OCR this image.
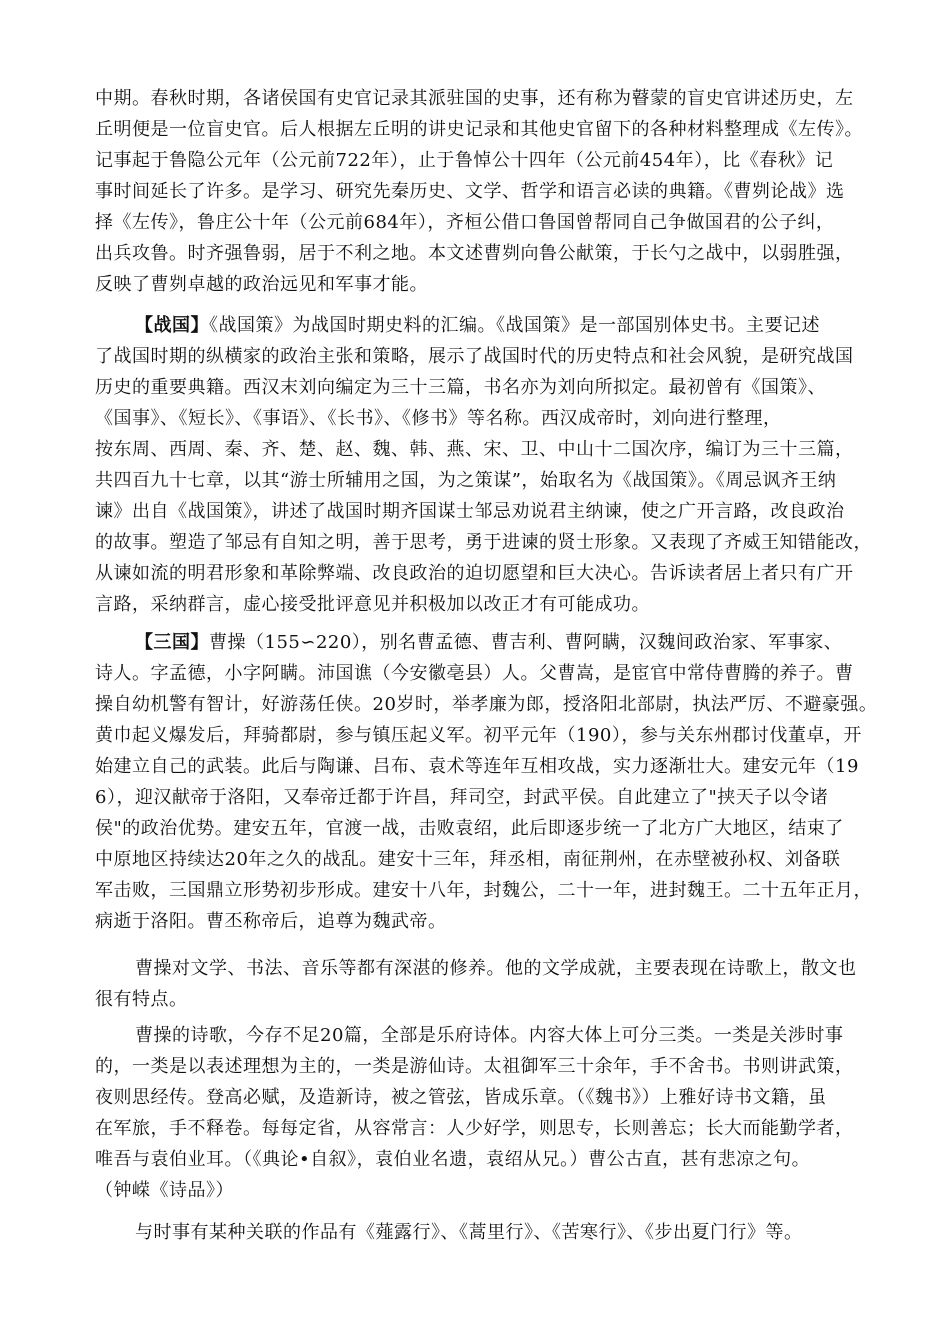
中期。春秋时期，各诸侯国有史官记录其派驻国的史事，还有称为瞽蒙的盲史官讲述历史，左
丘明便是一位盲史官。后人根据左丘明的讲史记录和其他史官留下的各种材料整理成《左传》。
记事起于鲁隐公元年（公元前722年），止于鲁悼公十四年（公元前454年），比《春秋》记
事时间延长了许多。是学习、研究先秦历史、文学、哲学和语言必读的典籍。《曹刿论战》选
择《左传》，鲁庄公十年（公元前684年），齐桓公借口鲁国曾帮同自己争做国君的公子纠，
出兵攻鲁。时齐强鲁弱，居于不利之地。本文述曹刿向鲁公献策，于长勺之战中，以弱胜强，
反映了曹刿卓越的政治远见和军事才能。
【战国】《战国策》为战国时期史料的汇编。《战国策》是一部国别体史书。主要记述
了战国时期的纵横家的政治主张和策略，展示了战国时代的历史特点和社会风貌，是研究战国
历史的重要典籍。西汉末刘向编定为三十三篇，书名亦为刘向所拟定。最初曾有《国策》、
《国事》、《短长》、《事语》、《长书》、《修书》等名称。西汉成帝时，刘向进行整理，
按东周、西周、秦、齐、楚、赵、魏、韩、燕、宋、卫、中山十二国次序，编订为三十三篇，
共四百九十七章，以其“游士所辅用之国，为之策谋”，始取名为《战国策》。《周忌讽齐王纳
谏》出自《战国策》，讲述了战国时期齐国谋士邹忌劝说君主纳谏，使之广开言路，改良政治
的故事。塑造了邹忌有自知之明，善于思考，勇于进谏的贤士形象。又表现了齐威王知错能改，
从谏如流的明君形象和革除弊端、改良政治的迫切愿望和巨大决心。告诉读者居上者只有广开
言路，采纳群言，虚心接受批评意见并积极加以改正才有可能成功。
【三国】曹操（155∽220），别名曹孟德、曹吉利、曹阿瞒，汉魏间政治家、军事家、
诗人。字孟德，小字阿瞒。沛国谯（今安徽亳县）人。父曹嵩，是宦官中常侍曹腾的养子。曹
操自幼机警有智计，好游荡任侠。20岁时，举孝廉为郎，授洛阳北部尉，执法严厉、不避豪强。
黄巾起义爆发后，拜骑都尉，参与镇压起义军。初平元年（190），参与关东州郡讨伐董卓，开
始建立自己的武装。此后与陶谦、吕布、袁术等连年互相攻战，实力逐渐壮大。建安元年（19
6），迎汉献帝于洛阳，又奉帝迁都于许昌，拜司空，封武平侯。自此建立了"挟天子以令诸
侯"的政治优势。建安五年，官渡一战，击败袁绍，此后即逐步统一了北方广大地区，结束了
中原地区持续达20年之久的战乱。建安十三年，拜丞相，南征荆州，在赤壁被孙权、刘备联
军击败，三国鼎立形势初步形成。建安十八年，封魏公，二十一年，进封魏王。二十五年正月，
病逝于洛阳。曹丕称帝后，追尊为魏武帝。
曹操对文学、书法、音乐等都有深湛的修养。他的文学成就，主要表现在诗歌上，散文也
很有特点。
曹操的诗歌，今存不足20篇，全部是乐府诗体。内容大体上可分三类。一类是关涉时事
的，一类是以表述理想为主的，一类是游仙诗。太祖御军三十余年，手不舍书。书则讲武策，
夜则思经传。登高必赋，及造新诗，被之管弦，皆成乐章。（《魏书》）上雅好诗书文籍，虽
在军旅，手不释卷。每每定省，从容常言：人少好学，则思专，长则善忘；长大而能勤学者，
唯吾与袁伯业耳。（《典论•自叙》，袁伯业名遗，袁绍从兄。）曹公古直，甚有悲凉之句。
（钟嵘《诗品》）
与时事有某种关联的作品有《薤露行》、《蒿里行》、《苦寒行》、《步出夏门行》等。
